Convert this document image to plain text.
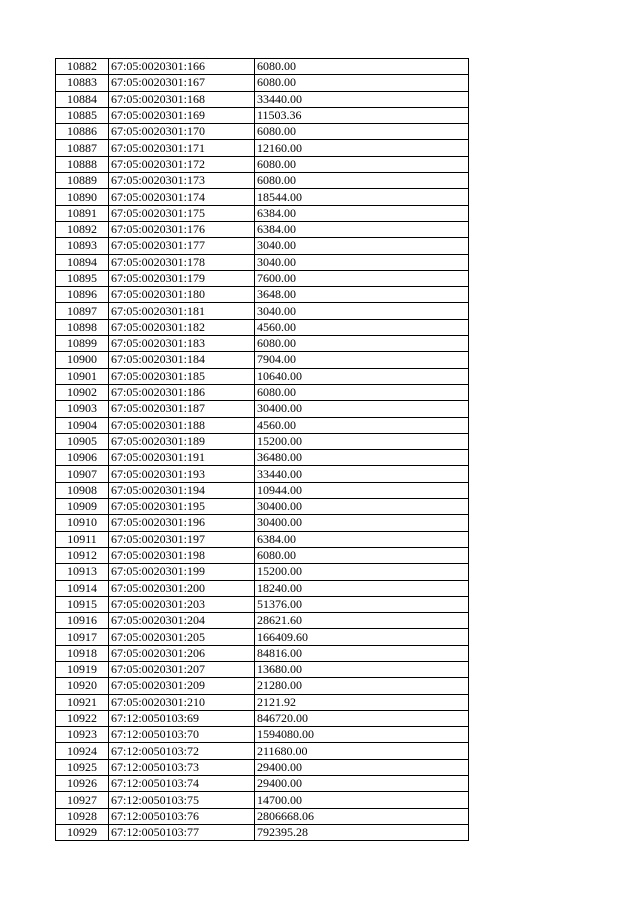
10882	67:05:0020301:166	6080.00
10883	67:05:0020301:167	6080.00
10884	67:05:0020301:168	33440.00
10885	67:05:0020301:169	11503.36
10886	67:05:0020301:170	6080.00
10887	67:05:0020301:171	12160.00
10888	67:05:0020301:172	6080.00
10889	67:05:0020301:173	6080.00
10890	67:05:0020301:174	18544.00
10891	67:05:0020301:175	6384.00
10892	67:05:0020301:176	6384.00
10893	67:05:0020301:177	3040.00
10894	67:05:0020301:178	3040.00
10895	67:05:0020301:179	7600.00
10896	67:05:0020301:180	3648.00
10897	67:05:0020301:181	3040.00
10898	67:05:0020301:182	4560.00
10899	67:05:0020301:183	6080.00
10900	67:05:0020301:184	7904.00
10901	67:05:0020301:185	10640.00
10902	67:05:0020301:186	6080.00
10903	67:05:0020301:187	30400.00
10904	67:05:0020301:188	4560.00
10905	67:05:0020301:189	15200.00
10906	67:05:0020301:191	36480.00
10907	67:05:0020301:193	33440.00
10908	67:05:0020301:194	10944.00
10909	67:05:0020301:195	30400.00
10910	67:05:0020301:196	30400.00
10911	67:05:0020301:197	6384.00
10912	67:05:0020301:198	6080.00
10913	67:05:0020301:199	15200.00
10914	67:05:0020301:200	18240.00
10915	67:05:0020301:203	51376.00
10916	67:05:0020301:204	28621.60
10917	67:05:0020301:205	166409.60
10918	67:05:0020301:206	84816.00
10919	67:05:0020301:207	13680.00
10920	67:05:0020301:209	21280.00
10921	67:05:0020301:210	2121.92
10922	67:12:0050103:69	846720.00
10923	67:12:0050103:70	1594080.00
10924	67:12:0050103:72	211680.00
10925	67:12:0050103:73	29400.00
10926	67:12:0050103:74	29400.00
10927	67:12:0050103:75	14700.00
10928	67:12:0050103:76	2806668.06
10929	67:12:0050103:77	792395.28
